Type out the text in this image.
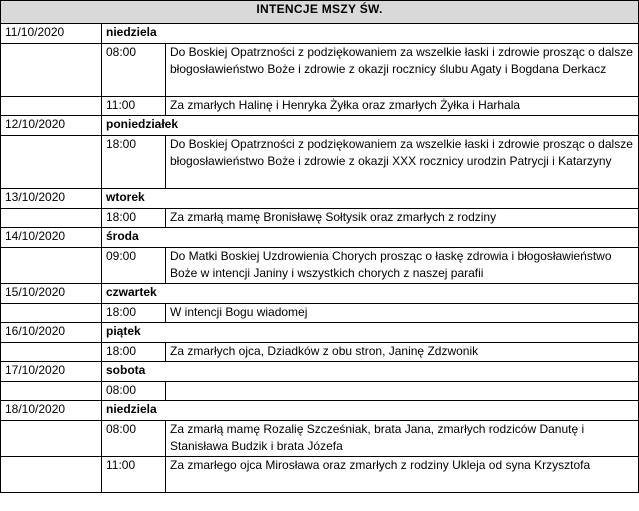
INTENCJE MSZY ŚW.		
11/10/2020	niedziela	
	08:00	Do Boskiej Opatrzności z podziękowaniem za wszelkie łaski i zdrowie prosząc o dalsze błogosławieństwo Boże i zdrowie z okazji rocznicy ślubu Agaty i Bogdana Derkacz
	11:00	Za zmarłych Halinę i Henryka Żyłka oraz zmarłych Żyłka i Harhala
12/10/2020	poniedziałek	
	18:00	Do Boskiej Opatrzności z podziękowaniem za wszelkie łaski i zdrowie prosząc o dalsze błogosławieństwo Boże i zdrowie z okazji XXX rocznicy urodzin Patrycji i Katarzyny
13/10/2020	wtorek	
	18:00	Za zmarłą mamę Bronisławę Sołtysik oraz zmarłych z rodziny
14/10/2020	środa	
	09:00	Do Matki Boskiej Uzdrowienia Chorych prosząc o łaskę zdrowia i błogosławieństwo Boże w intencji Janiny i wszystkich chorych z naszej parafii
15/10/2020	czwartek	
	18:00	W intencji Bogu wiadomej
16/10/2020	piątek	
	18:00	Za zmarłych ojca, Dziadków z obu stron, Janinę Zdzwonik
17/10/2020	sobota	
	08:00	
18/10/2020	niedziela	
	08:00	Za zmarłą mamę Rozalię Szcześniak, brata Jana, zmarłych rodziców Danutę i Stanisława Budzik i brata Józefa
	11:00	Za zmarłego ojca Mirosława oraz zmarłych z rodziny Ukleja od syna Krzysztofa
